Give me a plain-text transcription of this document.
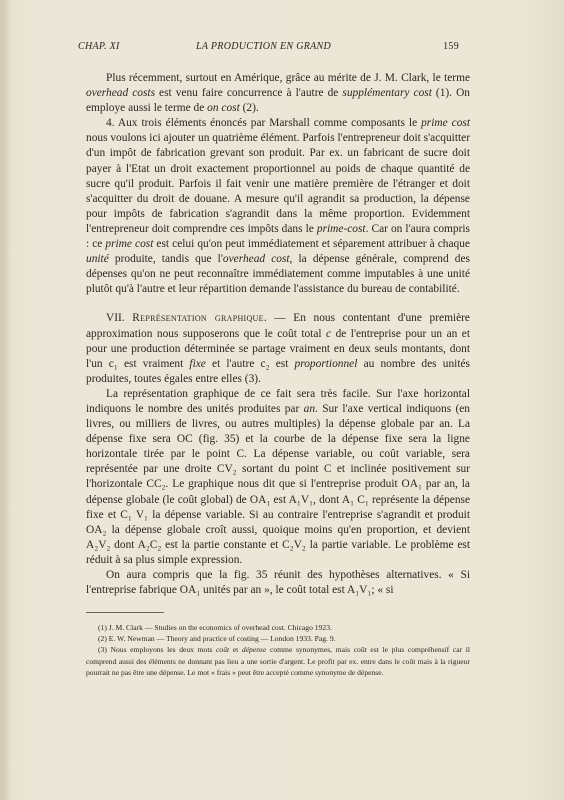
CHAP. XI	LA PRODUCTION EN GRAND	159

Plus récemment, surtout en Amérique, grâce au mérite de J. M. Clark, le terme overhead costs est venu faire concurrence à l'autre de supplémentary cost (1). On employe aussi le terme de on cost (2).

4. Aux trois éléments énoncés par Marshall comme composants le prime cost nous voulons ici ajouter un quatrième élément. Parfois l'entrepreneur doit s'acquitter d'un impôt de fabrication grevant son produit. Par ex. un fabricant de sucre doit payer à l'Etat un droit exactement proportionnel au poids de chaque quantité de sucre qu'il produit. Parfois il fait venir une matière première de l'étranger et doit s'acquitter du droit de douane. A mesure qu'il agrandit sa production, la dépense pour impôts de fabrication s'agrandit dans la même proportion. Evidemment l'entrepreneur doit comprendre ces impôts dans le prime-cost. Car on l'aura compris : ce prime cost est celui qu'on peut immédiatement et séparement attribuer à chaque unité produite, tandis que l'overhead cost, la dépense générale, comprend des dépenses qu'on ne peut reconnaître immédiatement comme imputables à une unité plutôt qu'à l'autre et leur répartition demande l'assistance du bureau de contabilité.

VII. Représentation graphique. — En nous contentant d'une première approximation nous supposerons que le coût total c de l'entreprise pour un an et pour une production déterminée se partage vraiment en deux seuls montants, dont l'un c₁ est vraiment fixe et l'autre c₂ est proportionnel au nombre des unités produites, toutes égales entre elles (3).

La représentation graphique de ce fait sera très facile. Sur l'axe horizontal indiquons le nombre des unités produites par an. Sur l'axe vertical indiquons (en livres, ou milliers de livres, ou autres multiples) la dépense globale par an. La dépense fixe sera OC (fig. 35) et la courbe de la dépense fixe sera la ligne horizontale tirée par le point C. La dépense variable, ou coût variable, sera représentée par une droite CV₂ sortant du point C et inclinée positivement sur l'horizontale CC₂. Le graphique nous dit que si l'entreprise produit OA₁ par an, la dépense globale (le coût global) de OA₁ est A₁V₁, dont A₁ C₁ représente la dépense fixe et C₁ V₁ la dépense variable. Si au contraire l'entreprise s'agrandit et produit OA₂ la dépense globale croît aussi, quoique moins qu'en proportion, et devient A₂V₂ dont A₂C₂ est la partie constante et C₂V₂ la partie variable. Le problème est réduit à sa plus simple expression.

On aura compris que la fig. 35 réunit des hypothèses alternatives. « Si l'entreprise fabrique OA₁ unités par an », le coût total est A₁V₁; « si

(1) J. M. Clark — Studies on the economics of overhead cost. Chicago 1923.

(2) E. W. Newman — Theory and practice of costing — London 1933. Pag. 9.

(3) Nous employons les deux mots coût et dépense comme synonymes, mais coût est le plus compréhensif car il comprend aussi des éléments ne donnant pas lieu a une sortie d'argent. Le profit par ex. entre dans le coût mais à la rigueur pourrait ne pas être une dépense. Le mot « frais » peut être accepté comme synonyme de dépense.
